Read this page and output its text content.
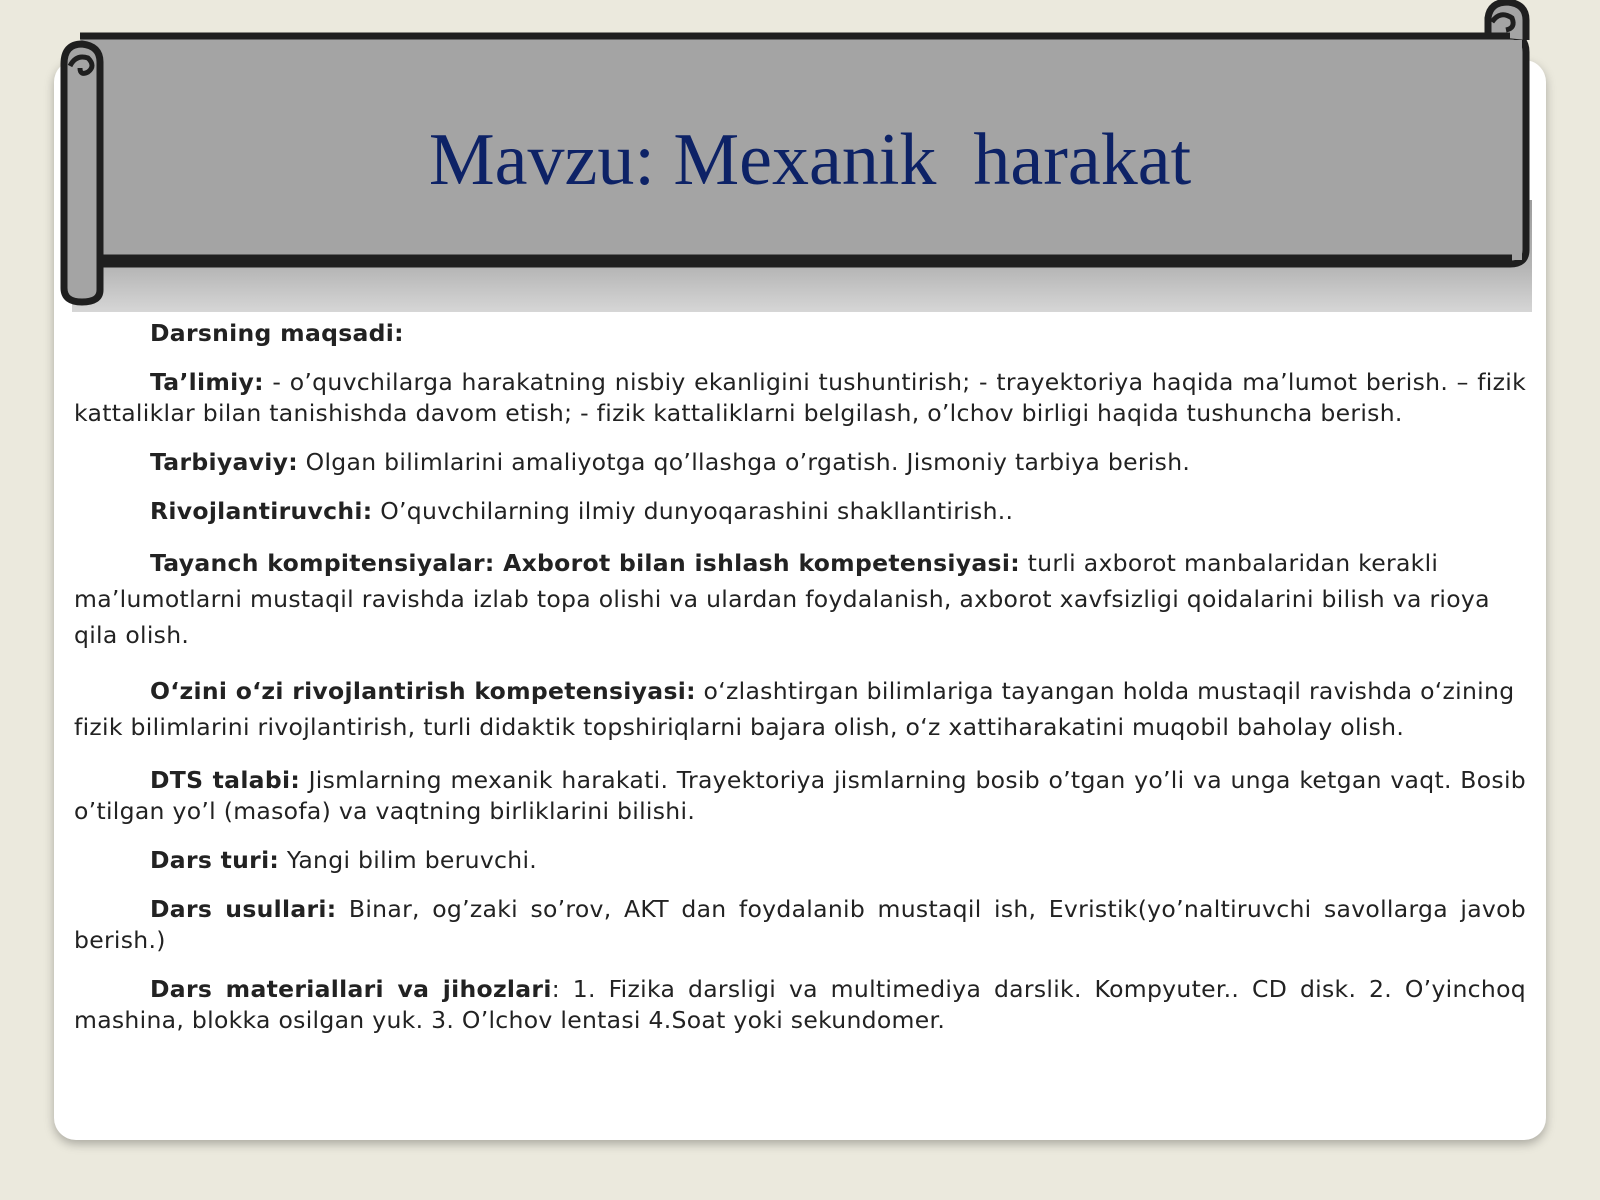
Mavzu: Mexanik  harakat

Darsning maqsadi:

Ta’limiy: - o’quvchilarga harakatning nisbiy ekanligini tushuntirish; - trayektoriya haqida ma’lumot berish. – fizik kattaliklar bilan tanishishda davom etish; - fizik kattaliklarni belgilash, o’lchov birligi haqida tushuncha berish.

Tarbiyaviy: Olgan bilimlarini amaliyotga qo’llashga o’rgatish. Jismoniy tarbiya berish.

Rivojlantiruvchi: O’quvchilarning ilmiy dunyoqarashini shakllantirish..

Tayanch kompitensiyalar: Axborot bilan ishlash kompetensiyasi: turli axborot manbalaridan kerakli ma’lumotlarni mustaqil ravishda izlab topa olishi va ulardan foydalanish, axborot xavfsizligi qoidalarini bilish va rioya qila olish.

O‘zini o‘zi rivojlantirish kompetensiyasi: o‘zlashtirgan bilimlariga tayangan holda mustaqil ravishda o‘zining fizik bilimlarini rivojlantirish, turli didaktik topshiriqlarni bajara olish, o‘z xattiharakatini muqobil baholay olish.

DTS talabi: Jismlarning mexanik harakati. Trayektoriya jismlarning bosib o’tgan yo’li va unga ketgan vaqt. Bosib o’tilgan yo’l (masofa) va vaqtning birliklarini bilishi.

Dars turi: Yangi bilim beruvchi.

Dars usullari: Binar, og’zaki so’rov, AKT dan foydalanib mustaqil ish, Evristik(yo’naltiruvchi savollarga javob berish.)

Dars materiallari va jihozlari: 1. Fizika darsligi va multimediya darslik. Kompyuter.. CD disk. 2. O’yinchoq mashina, blokka osilgan yuk. 3. O’lchov lentasi 4.Soat yoki sekundomer.
